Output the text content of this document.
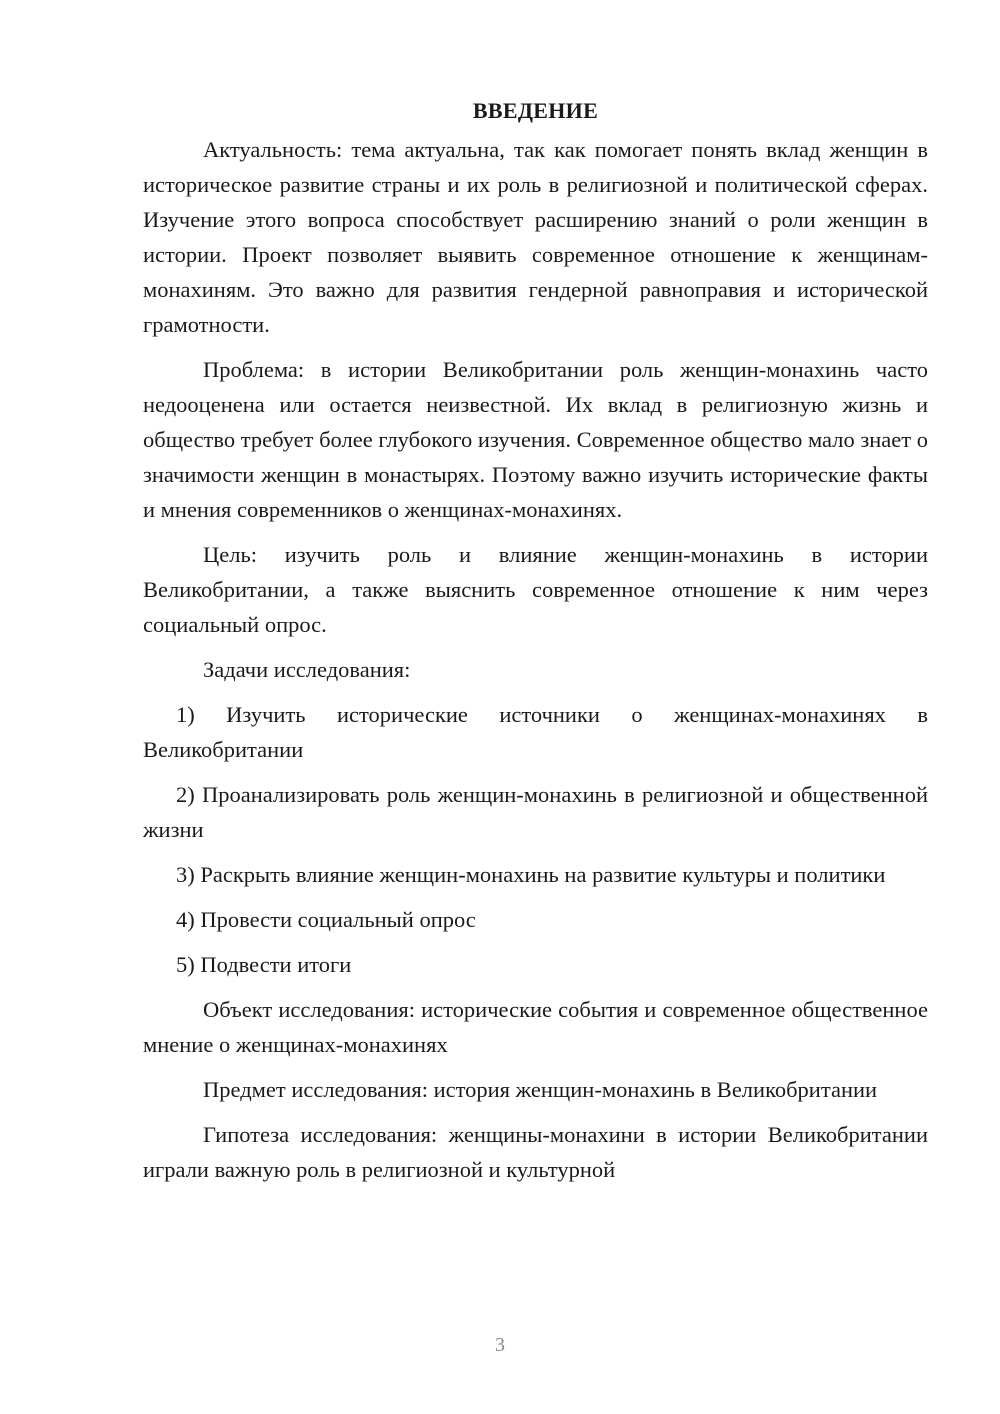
ВВЕДЕНИЕ

Актуальность: тема актуальна, так как помогает понять вклад женщин в историческое развитие страны и их роль в религиозной и политической сферах. Изучение этого вопроса способствует расширению знаний о роли женщин в истории. Проект позволяет выявить современное отношение к женщинам-монахиням. Это важно для развития гендерной равноправия и исторической грамотности.

Проблема: в истории Великобритании роль женщин-монахинь часто недооценена или остается неизвестной. Их вклад в религиозную жизнь и общество требует более глубокого изучения. Современное общество мало знает о значимости женщин в монастырях. Поэтому важно изучить исторические факты и мнения современников о женщинах-монахинях.

Цель: изучить роль и влияние женщин-монахинь в истории Великобритании, а также выяснить современное отношение к ним через социальный опрос.

Задачи исследования:

1) Изучить исторические источники о женщинах-монахинях в Великобритании

2) Проанализировать роль женщин-монахинь в религиозной и общественной жизни

3) Раскрыть влияние женщин-монахинь на развитие культуры и политики

4) Провести социальный опрос

5) Подвести итоги

Объект исследования: исторические события и современное общественное мнение о женщинах-монахинях

Предмет исследования: история женщин-монахинь в Великобритании

Гипотеза исследования: женщины-монахини в истории Великобритании играли важную роль в религиозной и культурной

3
